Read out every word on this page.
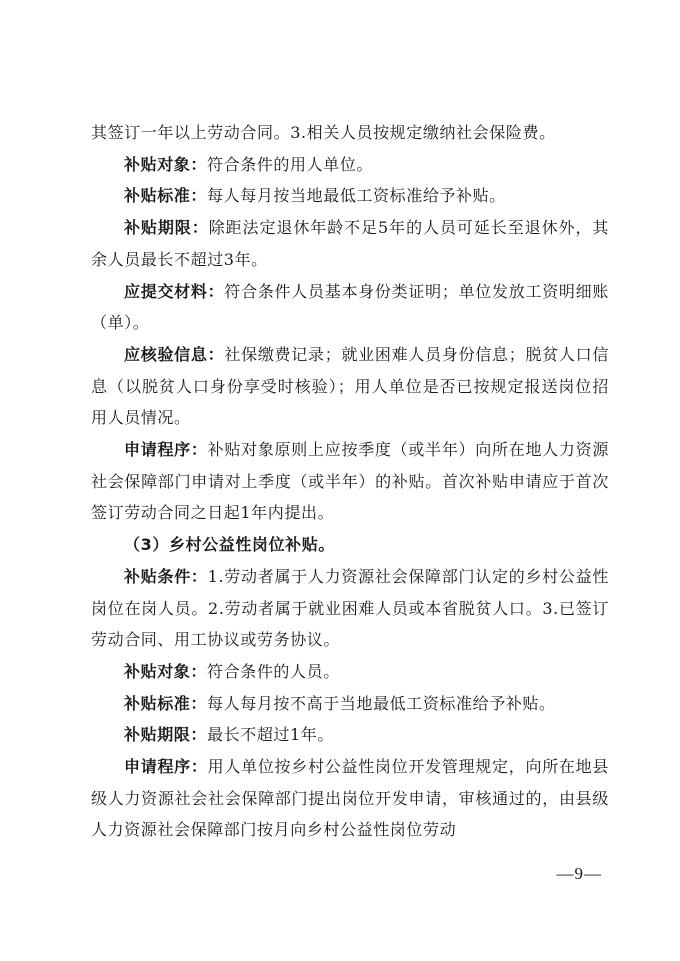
其签订一年以上劳动合同。3.相关人员按规定缴纳社会保险费。

补贴对象：符合条件的用人单位。

补贴标准：每人每月按当地最低工资标准给予补贴。

补贴期限：除距法定退休年龄不足5年的人员可延长至退休外，其余人员最长不超过3年。

应提交材料：符合条件人员基本身份类证明；单位发放工资明细账（单）。

应核验信息：社保缴费记录；就业困难人员身份信息；脱贫人口信息（以脱贫人口身份享受时核验）；用人单位是否已按规定报送岗位招用人员情况。

申请程序：补贴对象原则上应按季度（或半年）向所在地人力资源社会保障部门申请对上季度（或半年）的补贴。首次补贴申请应于首次签订劳动合同之日起1年内提出。

（3）乡村公益性岗位补贴。

补贴条件：1.劳动者属于人力资源社会保障部门认定的乡村公益性岗位在岗人员。2.劳动者属于就业困难人员或本省脱贫人口。3.已签订劳动合同、用工协议或劳务协议。

补贴对象：符合条件的人员。

补贴标准：每人每月按不高于当地最低工资标准给予补贴。

补贴期限：最长不超过1年。

申请程序：用人单位按乡村公益性岗位开发管理规定，向所在地县级人力资源社会社会保障部门提出岗位开发申请，审核通过的，由县级人力资源社会保障部门按月向乡村公益性岗位劳动

—9—
